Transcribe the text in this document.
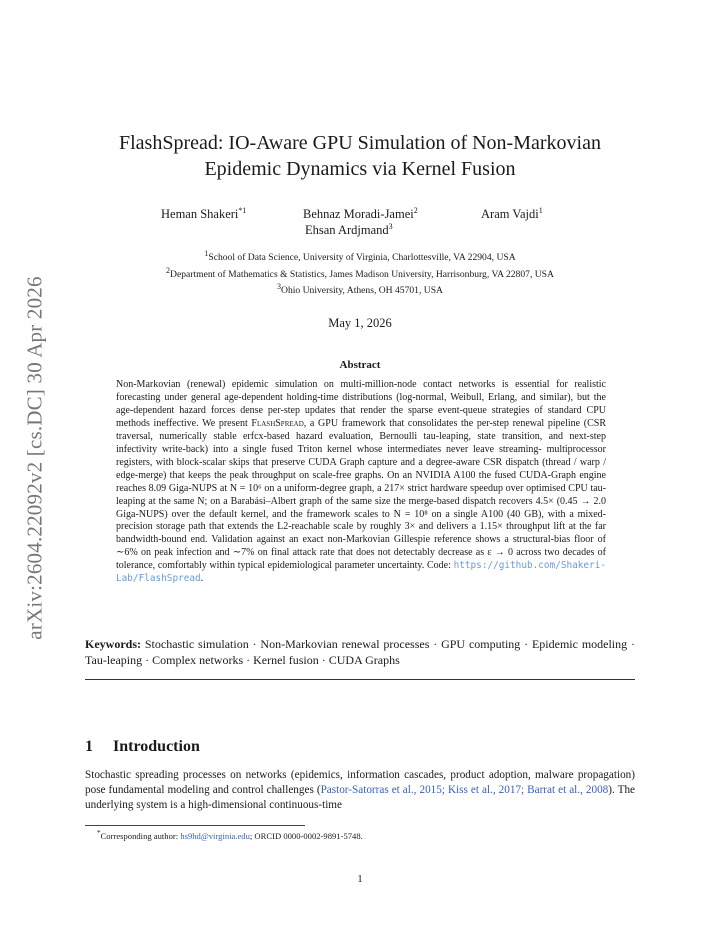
arXiv:2604.22092v2 [cs.DC] 30 Apr 2026
FlashSpread: IO-Aware GPU Simulation of Non-Markovian
Epidemic Dynamics via Kernel Fusion
Heman Shakeri$^{*1}$	Behnaz Moradi-Jamei$^2$	Aram Vajdi$^1$
Ehsan Ardjmand$^3$
$^1$School of Data Science, University of Virginia, Charlottesville, VA 22904, USA
$^2$Department of Mathematics & Statistics, James Madison University, Harrisonburg, VA 22807, USA
$^3$Ohio University, Athens, OH 45701, USA
May 1, 2026
Abstract
Non-Markovian (renewal) epidemic simulation on multi-million-node contact networks is essential for realistic forecasting under general age-dependent holding-time distributions (log-normal, Weibull, Erlang, and similar), but the age-dependent hazard forces dense per-step updates that render the sparse event-queue strategies of standard CPU methods ineffective. We present FlashSpread, a GPU framework that consolidates the per-step renewal pipeline (CSR traversal, numerically stable erfcx-based hazard evaluation, Bernoulli tau-leaping, state transition, and next-step infectivity write-back) into a single fused Triton kernel whose intermediates never leave streaming- multiprocessor registers, with block-scalar skips that preserve CUDA Graph capture and a degree-aware CSR dispatch (thread / warp / edge-merge) that keeps the peak throughput on scale-free graphs. On an NVIDIA A100 the fused CUDA-Graph engine reaches 8.09 Giga-NUPS at N = 10⁶ on a uniform-degree graph, a 217× strict hardware speedup over optimised CPU tau-leaping at the same N; on a Barabási–Albert graph of the same size the merge-based dispatch recovers 4.5× (0.45 → 2.0 Giga-NUPS) over the default kernel, and the framework scales to N = 10⁸ on a single A100 (40 GB), with a mixed-precision storage path that extends the L2-reachable scale by roughly 3× and delivers a 1.15× throughput lift at the far bandwidth-bound end. Validation against an exact non-Markovian Gillespie reference shows a structural-bias floor of ∼6% on peak infection and ∼7% on final attack rate that does not detectably decrease as ε → 0 across two decades of tolerance, comfortably within typical epidemiological parameter uncertainty. Code: https://github.com/Shakeri-Lab/FlashSpread.
Keywords: Stochastic simulation · Non-Markovian renewal processes · GPU computing · Epidemic modeling · Tau-leaping · Complex networks · Kernel fusion · CUDA Graphs
1 Introduction
Stochastic spreading processes on networks (epidemics, information cascades, product adoption, malware propagation) pose fundamental modeling and control challenges (Pastor-Satorras et al., 2015; Kiss et al., 2017; Barrat et al., 2008). The underlying system is a high-dimensional continuous-time
*Corresponding author: hs9hd@virginia.edu; ORCID 0000-0002-9891-5748.
1
